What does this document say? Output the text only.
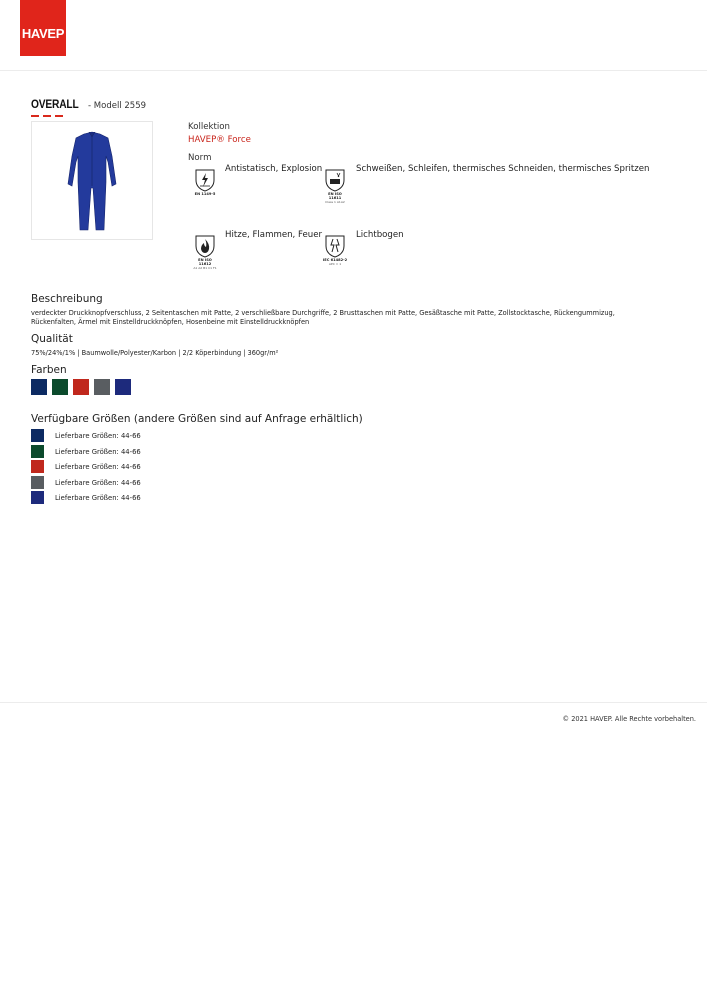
HAVEP
OVERALL - Modell 2559
Kollektion
HAVEP® Force
Norm
EN 1149-5
Antistatisch, Explosion
EN ISO 11611
Class 1 A1A2
Schweißen, Schleifen, thermisches Schneiden, thermisches Spritzen
EN ISO 11612
A1 A2 B1 C1 F1
Hitze, Flammen, Feuer
IEC 61482-2
APC = 1
Lichtbogen
Beschreibung
verdeckter Druckknopfverschluss, 2 Seitentaschen mit Patte, 2 verschließbare Durchgriffe, 2 Brusttaschen mit Patte, Gesäßtasche mit Patte, Zollstocktasche, Rückengummizug,
Rückenfalten, Ärmel mit Einstelldruckknöpfen, Hosenbeine mit Einstelldruckknöpfen
Qualität
75%/24%/1% | Baumwolle/Polyester/Karbon | 2/2 Köperbindung | 360gr/m²
Farben
Verfügbare Größen (andere Größen sind auf Anfrage erhältlich)
Lieferbare Größen: 44-66
Lieferbare Größen: 44-66
Lieferbare Größen: 44-66
Lieferbare Größen: 44-66
Lieferbare Größen: 44-66
© 2021 HAVEP. Alle Rechte vorbehalten.
